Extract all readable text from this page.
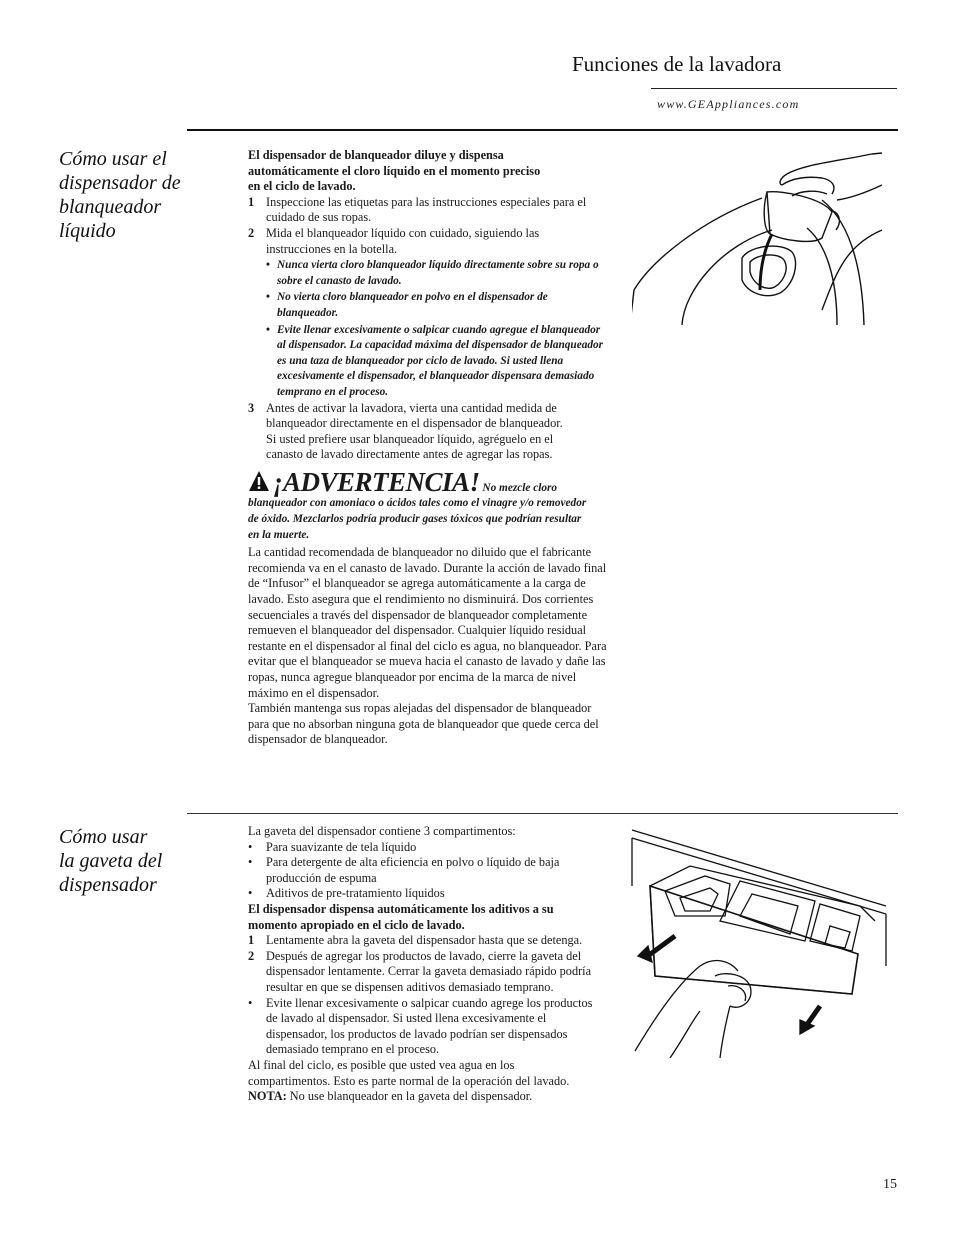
Funciones de la lavadora
www.GEAppliances.com
Cómo usar el
dispensador de
blanqueador
líquido

El dispensador de blanqueador diluye y dispensa automáticamente el cloro líquido en el momento preciso en el ciclo de lavado.

1 Inspeccione las etiquetas para las instrucciones especiales para el cuidado de sus ropas.
2 Mida el blanqueador líquido con cuidado, siguiendo las instrucciones en la botella.
• Nunca vierta cloro blanqueador líquido directamente sobre su ropa o sobre el canasto de lavado.
• No vierta cloro blanqueador en polvo en el dispensador de blanqueador.
• Evite llenar excesivamente o salpicar cuando agregue el blanqueador al dispensador. La capacidad máxima del dispensador de blanqueador es una taza de blanqueador por ciclo de lavado. Si usted llena excesivamente el dispensador, el blanqueador dispensara demasiado temprano en el proceso.
3 Antes de activar la lavadora, vierta una cantidad medida de blanqueador directamente en el dispensador de blanqueador. Si usted prefiere usar blanqueador líquido, agréguelo en el canasto de lavado directamente antes de agregar las ropas.
¡ADVERTENCIA! No mezcle cloro blanqueador con amoniaco o ácidos tales como el vinagre y/o removedor de óxido. Mezclarlos podría producir gases tóxicos que podrían resultar en la muerte.

La cantidad recomendada de blanqueador no diluido que el fabricante recomienda va en el canasto de lavado. Durante la acción de lavado final de “Infusor” el blanqueador se agrega automáticamente a la carga de lavado. Esto asegura que el rendimiento no disminuirá. Dos corrientes secuenciales a través del dispensador de blanqueador completamente remueven el blanqueador del dispensador. Cualquier líquido residual restante en el dispensador al final del ciclo es agua, no blanqueador. Para evitar que el blanqueador se mueva hacia el canasto de lavado y dañe las ropas, nunca agregue blanqueador por encima de la marca de nivel máximo en el dispensador.

También mantenga sus ropas alejadas del dispensador de blanqueador para que no absorban ninguna gota de blanqueador que quede cerca del dispensador de blanqueador.

Cómo usar
la gaveta del
dispensador

La gaveta del dispensador contiene 3 compartimentos:

•	Para suavizante de tela líquido
•	Para detergente de alta eficiencia en polvo o líquido de baja producción de espuma
•	Aditivos de pre-tratamiento líquidos

El dispensador dispensa automáticamente los aditivos a su momento apropiado en el ciclo de lavado.

1 Lentamente abra la gaveta del dispensador hasta que se detenga.
2 Después de agregar los productos de lavado, cierre la gaveta del dispensador lentamente. Cerrar la gaveta demasiado rápido podría resultar en que se dispensen aditivos demasiado temprano.
•	Evite llenar excesivamente o salpicar cuando agrege los productos de lavado al dispensador. Si usted llena excesivamente el dispensador, los productos de lavado podrían ser dispensados demasiado temprano en el proceso.

Al final del ciclo, es posible que usted vea agua en los compartimentos. Esto es parte normal de la operación del lavado.

NOTA: No use blanqueador en la gaveta del dispensador.

15
